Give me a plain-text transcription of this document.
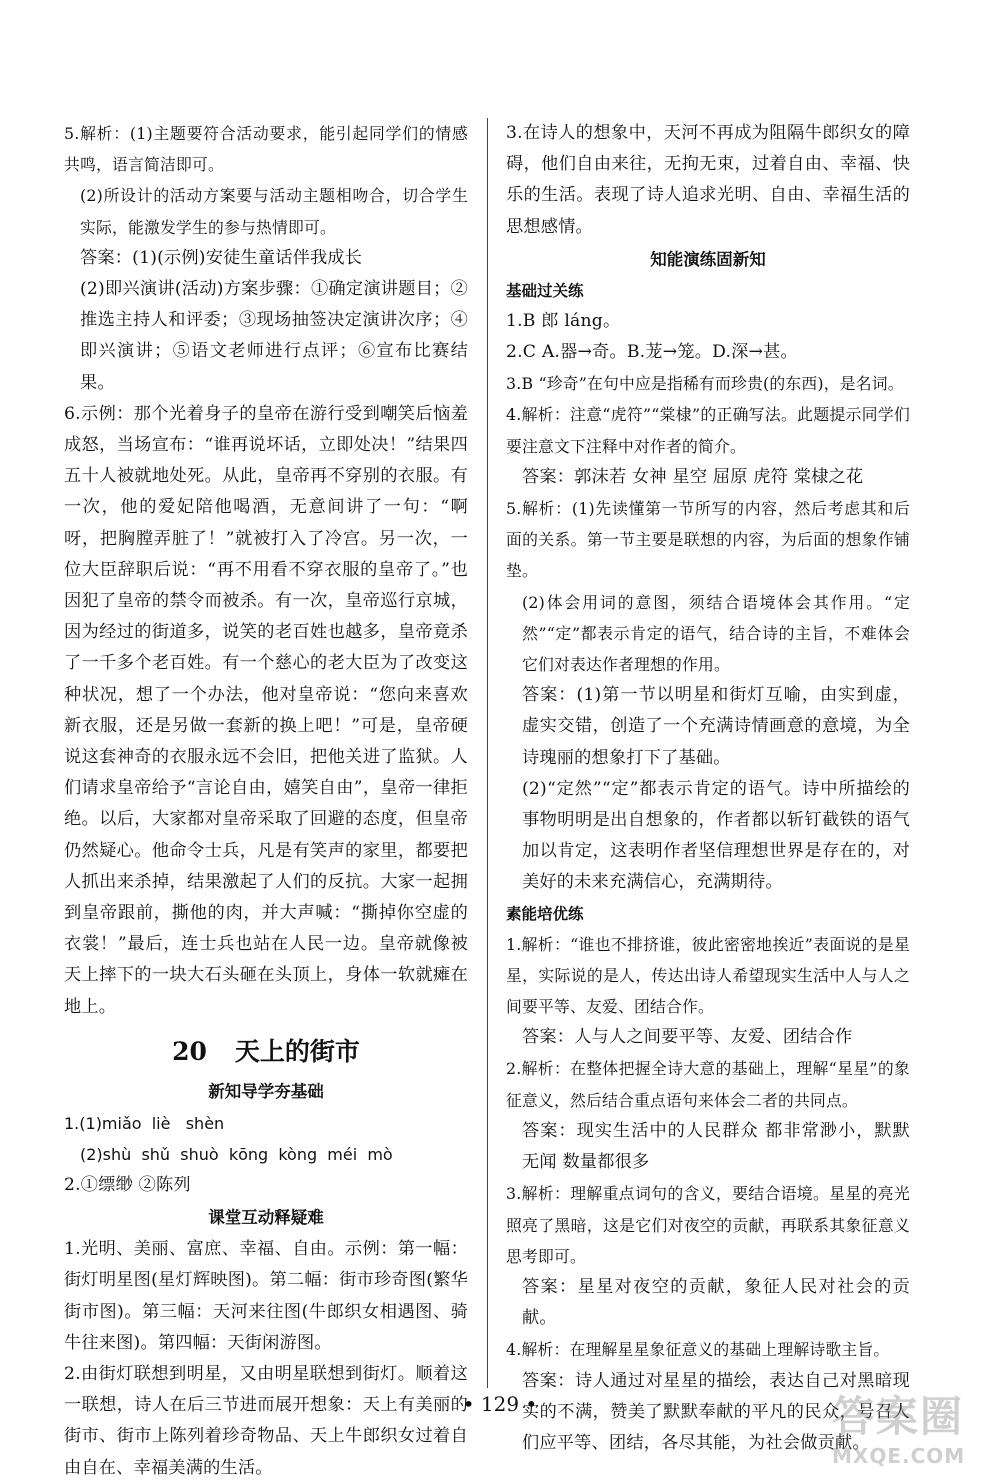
5.解析：(1)主题要符合活动要求，能引起同学们的情感共鸣，语言简洁即可。

(2)所设计的活动方案要与活动主题相吻合，切合学生实际，能激发学生的参与热情即可。

答案：(1)(示例)安徒生童话伴我成长

(2)即兴演讲(活动)方案步骤：①确定演讲题目；②推选主持人和评委；③现场抽签决定演讲次序；④即兴演讲；⑤语文老师进行点评；⑥宣布比赛结果。

6.示例：那个光着身子的皇帝在游行受到嘲笑后恼羞成怒，当场宣布：“谁再说坏话，立即处决！”结果四五十人被就地处死。从此，皇帝再不穿别的衣服。有一次，他的爱妃陪他喝酒，无意间讲了一句：“啊呀，把胸膛弄脏了！”就被打入了冷宫。另一次，一位大臣辞职后说：“再不用看不穿衣服的皇帝了。”也因犯了皇帝的禁令而被杀。有一次，皇帝巡行京城，因为经过的街道多，说笑的老百姓也越多，皇帝竟杀了一千多个老百姓。有一个慈心的老大臣为了改变这种状况，想了一个办法，他对皇帝说：“您向来喜欢新衣服，还是另做一套新的换上吧！”可是，皇帝硬说这套神奇的衣服永远不会旧，把他关进了监狱。人们请求皇帝给予“言论自由，嬉笑自由”，皇帝一律拒绝。以后，大家都对皇帝采取了回避的态度，但皇帝仍然疑心。他命令士兵，凡是有笑声的家里，都要把人抓出来杀掉，结果激起了人们的反抗。大家一起拥到皇帝跟前，撕他的肉，并大声喊：“撕掉你空虚的衣裳！”最后，连士兵也站在人民一边。皇帝就像被天上摔下的一块大石头砸在头顶上，身体一软就瘫在地上。

20 天上的街市

新知导学夯基础

1.(1)miǎo  liè   shèn

(2)shù  shǔ  shuò  kōng  kòng  méi  mò

2.①缥缈 ②陈列

课堂互动释疑难

1.光明、美丽、富庶、幸福、自由。示例：第一幅：街灯明星图(星灯辉映图)。第二幅：街市珍奇图(繁华街市图)。第三幅：天河来往图(牛郎织女相遇图、骑牛往来图)。第四幅：天街闲游图。

2.由街灯联想到明星，又由明星联想到街灯。顺着这一联想，诗人在后三节进而展开想象：天上有美丽的街市、街市上陈列着珍奇物品、天上牛郎织女过着自由自在、幸福美满的生活。

3.在诗人的想象中，天河不再成为阻隔牛郎织女的障碍，他们自由来往，无拘无束，过着自由、幸福、快乐的生活。表现了诗人追求光明、自由、幸福生活的思想感情。

知能演练固新知

基础过关练

1.B 郎 láng。

2.C A.器→奇。B.茏→笼。D.深→甚。

3.B “珍奇”在句中应是指稀有而珍贵(的东西)，是名词。

4.解析：注意“虎符”“棠棣”的正确写法。此题提示同学们要注意文下注释中对作者的简介。

答案：郭沫若 女神 星空 屈原 虎符 棠棣之花

5.解析：(1)先读懂第一节所写的内容，然后考虑其和后面的关系。第一节主要是联想的内容，为后面的想象作铺垫。

(2)体会用词的意图，须结合语境体会其作用。“定然”“定”都表示肯定的语气，结合诗的主旨，不难体会它们对表达作者理想的作用。

答案：(1)第一节以明星和街灯互喻，由实到虚，虚实交错，创造了一个充满诗情画意的意境，为全诗瑰丽的想象打下了基础。

(2)“定然”“定”都表示肯定的语气。诗中所描绘的事物明明是出自想象的，作者都以斩钉截铁的语气加以肯定，这表明作者坚信理想世界是存在的，对美好的未来充满信心，充满期待。

素能培优练

1.解析：“谁也不排挤谁，彼此密密地挨近”表面说的是星星，实际说的是人，传达出诗人希望现实生活中人与人之间要平等、友爱、团结合作。

答案：人与人之间要平等、友爱、团结合作

2.解析：在整体把握全诗大意的基础上，理解“星星”的象征意义，然后结合重点语句来体会二者的共同点。

答案：现实生活中的人民群众 都非常渺小，默默无闻 数量都很多

3.解析：理解重点词句的含义，要结合语境。星星的亮光照亮了黑暗，这是它们对夜空的贡献，再联系其象征意义思考即可。

答案：星星对夜空的贡献，象征人民对社会的贡献。

4.解析：在理解星星象征意义的基础上理解诗歌主旨。

答案：诗人通过对星星的描绘，表达自己对黑暗现实的不满，赞美了默默奉献的平凡的民众，号召人们应平等、团结，各尽其能，为社会做贡献。

• 129 •	答案圈
MXQE.COM
